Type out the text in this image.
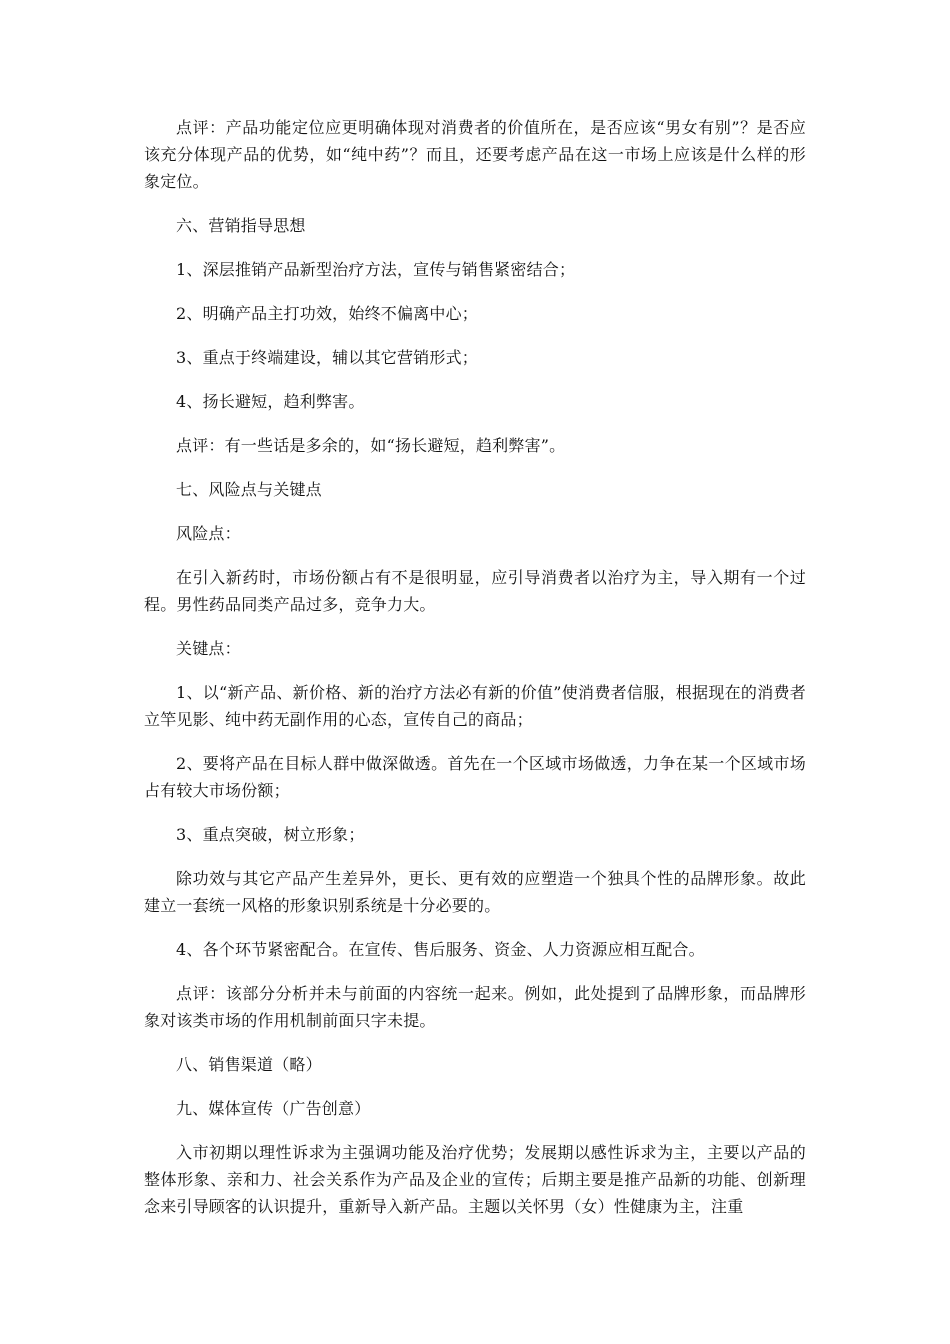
点评：产品功能定位应更明确体现对消费者的价值所在，是否应该“男女有别”？是否应该充分体现产品的优势，如“纯中药”？而且，还要考虑产品在这一市场上应该是什么样的形象定位。

六、营销指导思想

1、深层推销产品新型治疗方法，宣传与销售紧密结合；

2、明确产品主打功效，始终不偏离中心；

3、重点于终端建设，辅以其它营销形式；

4、扬长避短，趋利弊害。

点评：有一些话是多余的，如“扬长避短，趋利弊害”。

七、风险点与关键点

风险点：

在引入新药时，市场份额占有不是很明显，应引导消费者以治疗为主，导入期有一个过程。男性药品同类产品过多，竞争力大。

关键点：

1、以“新产品、新价格、新的治疗方法必有新的价值”使消费者信服，根据现在的消费者立竿见影、纯中药无副作用的心态，宣传自己的商品；

2、要将产品在目标人群中做深做透。首先在一个区域市场做透，力争在某一个区域市场占有较大市场份额；

3、重点突破，树立形象；

除功效与其它产品产生差异外，更长、更有效的应塑造一个独具个性的品牌形象。故此建立一套统一风格的形象识别系统是十分必要的。

4、各个环节紧密配合。在宣传、售后服务、资金、人力资源应相互配合。

点评：该部分分析并未与前面的内容统一起来。例如，此处提到了品牌形象，而品牌形象对该类市场的作用机制前面只字未提。

八、销售渠道（略）

九、媒体宣传（广告创意）

入市初期以理性诉求为主强调功能及治疗优势；发展期以感性诉求为主，主要以产品的整体形象、亲和力、社会关系作为产品及企业的宣传；后期主要是推产品新的功能、创新理念来引导顾客的认识提升，重新导入新产品。主题以关怀男（女）性健康为主，注重
